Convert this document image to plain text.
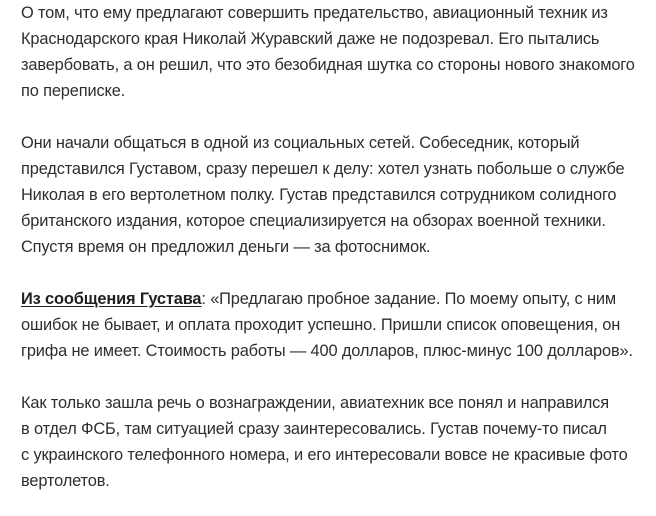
О том, что ему предлагают совершить предательство, авиационный техник из
Краснодарского края Николай Журавский даже не подозревал. Его пытались
завербовать, а он решил, что это безобидная шутка со стороны нового знакомого
по переписке.

Они начали общаться в одной из социальных сетей. Собеседник, который
представился Густавом, сразу перешел к делу: хотел узнать побольше о службе
Николая в его вертолетном полку. Густав представился сотрудником солидного
британского издания, которое специализируется на обзорах военной техники.
Спустя время он предложил деньги — за фотоснимок.

Из сообщения Густава: «Предлагаю пробное задание. По моему опыту, с ним
ошибок не бывает, и оплата проходит успешно. Пришли список оповещения, он
грифа не имеет. Стоимость работы — 400 долларов, плюс-минус 100 долларов».

Как только зашла речь о вознаграждении, авиатехник все понял и направился
в отдел ФСБ, там ситуацией сразу заинтересовались. Густав почему-то писал
с украинского телефонного номера, и его интересовали вовсе не красивые фото
вертолетов.
